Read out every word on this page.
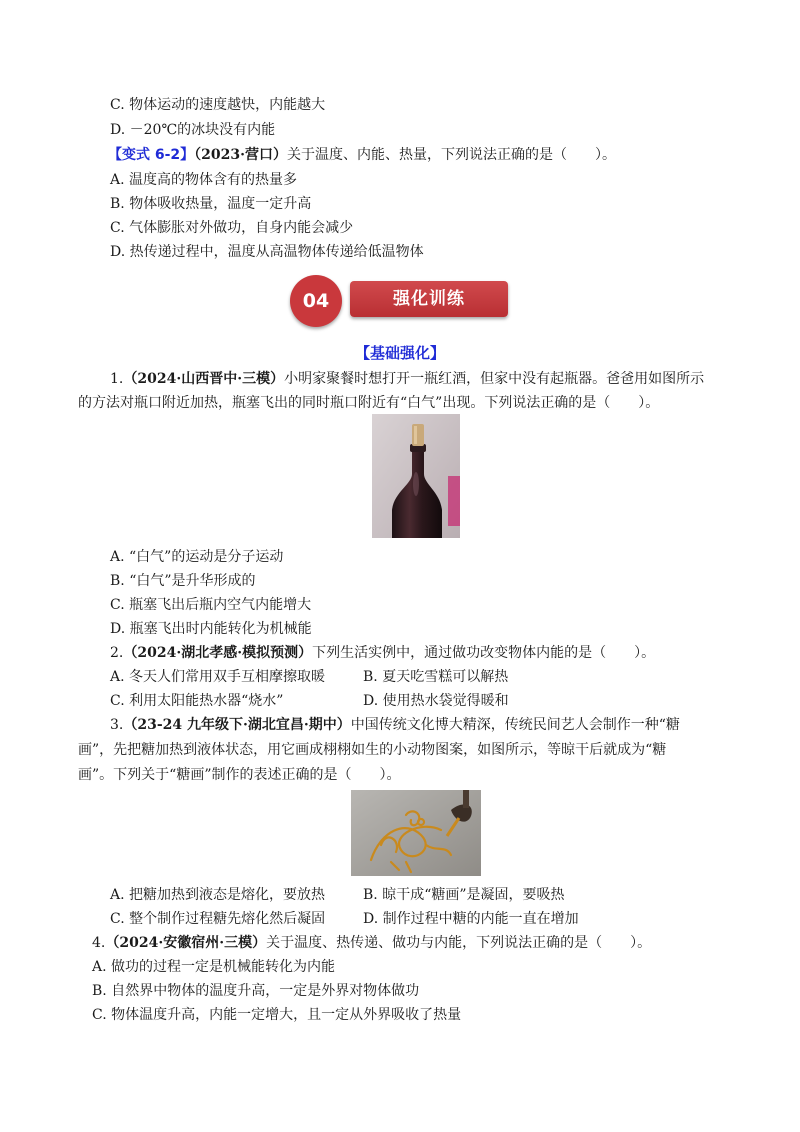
C. 物体运动的速度越快，内能越大
D. －20℃的冰块没有内能
【变式 6-2】（2023·营口）关于温度、内能、热量，下列说法正确的是（　　）。
A. 温度高的物体含有的热量多
B. 物体吸收热量，温度一定升高
C. 气体膨胀对外做功，自身内能会减少
D. 热传递过程中，温度从高温物体传递给低温物体
04	强化训练
【基础强化】
1.（2024·山西晋中·三模）小明家聚餐时想打开一瓶红酒，但家中没有起瓶器。爸爸用如图所示
的方法对瓶口附近加热，瓶塞飞出的同时瓶口附近有“白气”出现。下列说法正确的是（　　）。
A. “白气”的运动是分子运动
B. “白气”是升华形成的
C. 瓶塞飞出后瓶内空气内能增大
D. 瓶塞飞出时内能转化为机械能
2.（2024·湖北孝感·模拟预测）下列生活实例中，通过做功改变物体内能的是（　　）。
A. 冬天人们常用双手互相摩擦取暖	B. 夏天吃雪糕可以解热
C. 利用太阳能热水器“烧水”	D. 使用热水袋觉得暖和
3.（23-24 九年级下·湖北宜昌·期中）中国传统文化博大精深，传统民间艺人会制作一种“糖
画”，先把糖加热到液体状态，用它画成栩栩如生的小动物图案，如图所示，等晾干后就成为“糖
画”。下列关于“糖画”制作的表述正确的是（　　）。
A. 把糖加热到液态是熔化，要放热	B. 晾干成“糖画”是凝固，要吸热
C. 整个制作过程糖先熔化然后凝固	D. 制作过程中糖的内能一直在增加
4.（2024·安徽宿州·三模）关于温度、热传递、做功与内能，下列说法正确的是（　　）。
A. 做功的过程一定是机械能转化为内能
B. 自然界中物体的温度升高，一定是外界对物体做功
C. 物体温度升高，内能一定增大，且一定从外界吸收了热量
